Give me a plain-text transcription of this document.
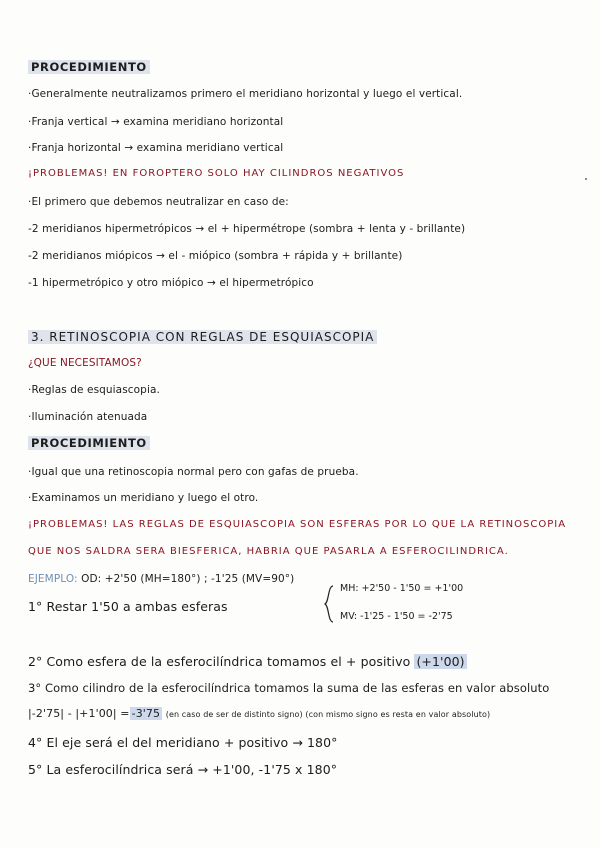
PROCEDIMIENTO
·Generalmente neutralizamos primero el meridiano horizontal y luego el vertical.
·Franja vertical → examina meridiano horizontal
·Franja horizontal → examina meridiano vertical
¡PROBLEMAS! EN FOROPTERO SOLO HAY CILINDROS NEGATIVOS
·El primero que debemos neutralizar en caso de:
-2 meridianos hipermetrópicos → el + hipermétrope (sombra + lenta y - brillante)
-2 meridianos miópicos → el - miópico (sombra + rápida y + brillante)
-1 hipermetrópico y otro miópico → el hipermetrópico
3. RETINOSCOPIA CON REGLAS DE ESQUIASCOPIA
¿QUE NECESITAMOS?
·Reglas de esquiascopia.
·Iluminación atenuada
PROCEDIMIENTO
·Igual que una retinoscopia normal pero con gafas de prueba.
·Examinamos un meridiano y luego el otro.
¡PROBLEMAS! LAS REGLAS DE ESQUIASCOPIA SON ESFERAS POR LO QUE LA RETINOSCOPIA
QUE NOS SALDRA SERA BIESFERICA, HABRIA QUE PASARLA A ESFEROCILINDRICA.
EJEMPLO: OD: +2'50 (MH=180°) ; -1'25 (MV=90°)
1° Restar 1'50 a ambas esferas
MH: +2'50 - 1'50 = +1'00
MV: -1'25 - 1'50 = -2'75
2° Como esfera de la esferocilíndrica tomamos el + positivo (+1'00)
3° Como cilindro de la esferocilíndrica tomamos la suma de las esferas en valor absoluto
|-2'75| - |+1'00| = -3'75 (en caso de ser de distinto signo) (con mismo signo es resta en valor absoluto)
4° El eje será el del meridiano + positivo → 180°
5° La esferocilíndrica será → +1'00, -1'75 x 180°
